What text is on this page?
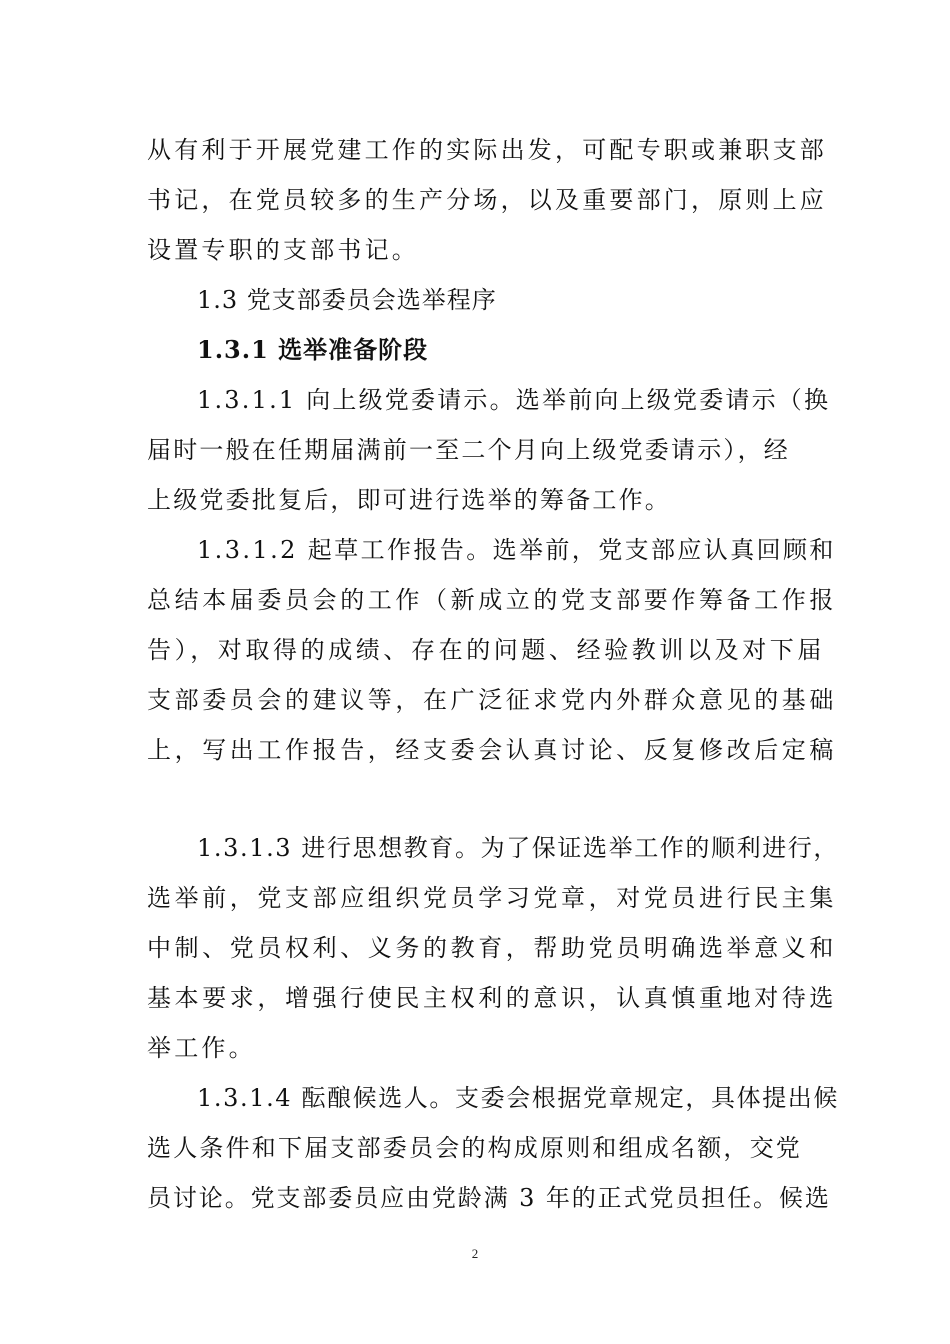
从有利于开展党建工作的实际出发，可配专职或兼职支部
书记，在党员较多的生产分场，以及重要部门，原则上应
设置专职的支部书记。
1.3 党支部委员会选举程序
1.3.1 选举准备阶段
1.3.1.1 向上级党委请示。选举前向上级党委请示（换
届时一般在任期届满前一至二个月向上级党委请示），经
上级党委批复后，即可进行选举的筹备工作。
1.3.1.2 起草工作报告。选举前，党支部应认真回顾和
总结本届委员会的工作（新成立的党支部要作筹备工作报
告），对取得的成绩、存在的问题、经验教训以及对下届
支部委员会的建议等，在广泛征求党内外群众意见的基础
上，写出工作报告，经支委会认真讨论、反复修改后定稿
1.3.1.3 进行思想教育。为了保证选举工作的顺利进行，
选举前，党支部应组织党员学习党章，对党员进行民主集
中制、党员权利、义务的教育，帮助党员明确选举意义和
基本要求，增强行使民主权利的意识，认真慎重地对待选
举工作。
1.3.1.4 酝酿候选人。支委会根据党章规定，具体提出候
选人条件和下届支部委员会的构成原则和组成名额，交党
员讨论。党支部委员应由党龄满 3 年的正式党员担任。候选
2
